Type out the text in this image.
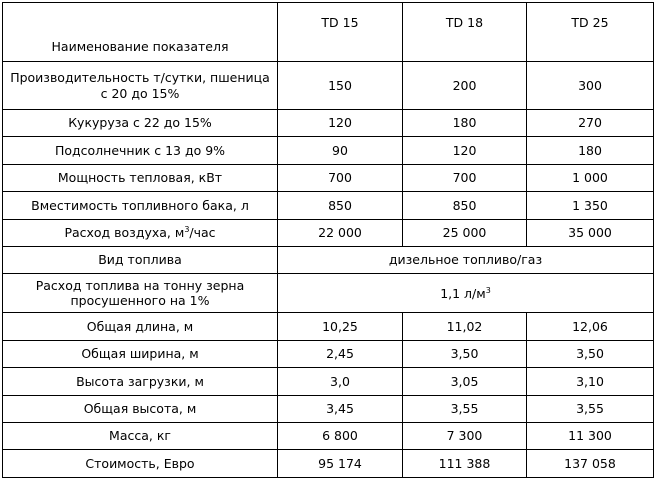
Наименование показателя	TD 15	TD 18	TD 25
Производительность т/сутки, пшеница с 20 до 15%	150	200	300
Кукуруза с 22 до 15%	120	180	270
Подсолнечник с 13 до 9%	90	120	180
Мощность тепловая, кВт	700	700	1 000
Вместимость топливного бака, л	850	850	1 350
Расход воздуха, $м^3$/час	22 000	25 000	35 000
Вид топлива	дизельное топливо/газ		
Расход топлива на тонну зерна просушенного на 1%	1,1 $л/м^3$
Общая длина, м	10,25	11,02	12,06
Общая ширина, м	2,45	3,50	3,50
Высота загрузки, м	3,0	3,05	3,10
Общая высота, м	3,45	3,55	3,55
Масса, кг	6 800	7 300	11 300
Стоимость, Евро	95 174	111 388	137 058
